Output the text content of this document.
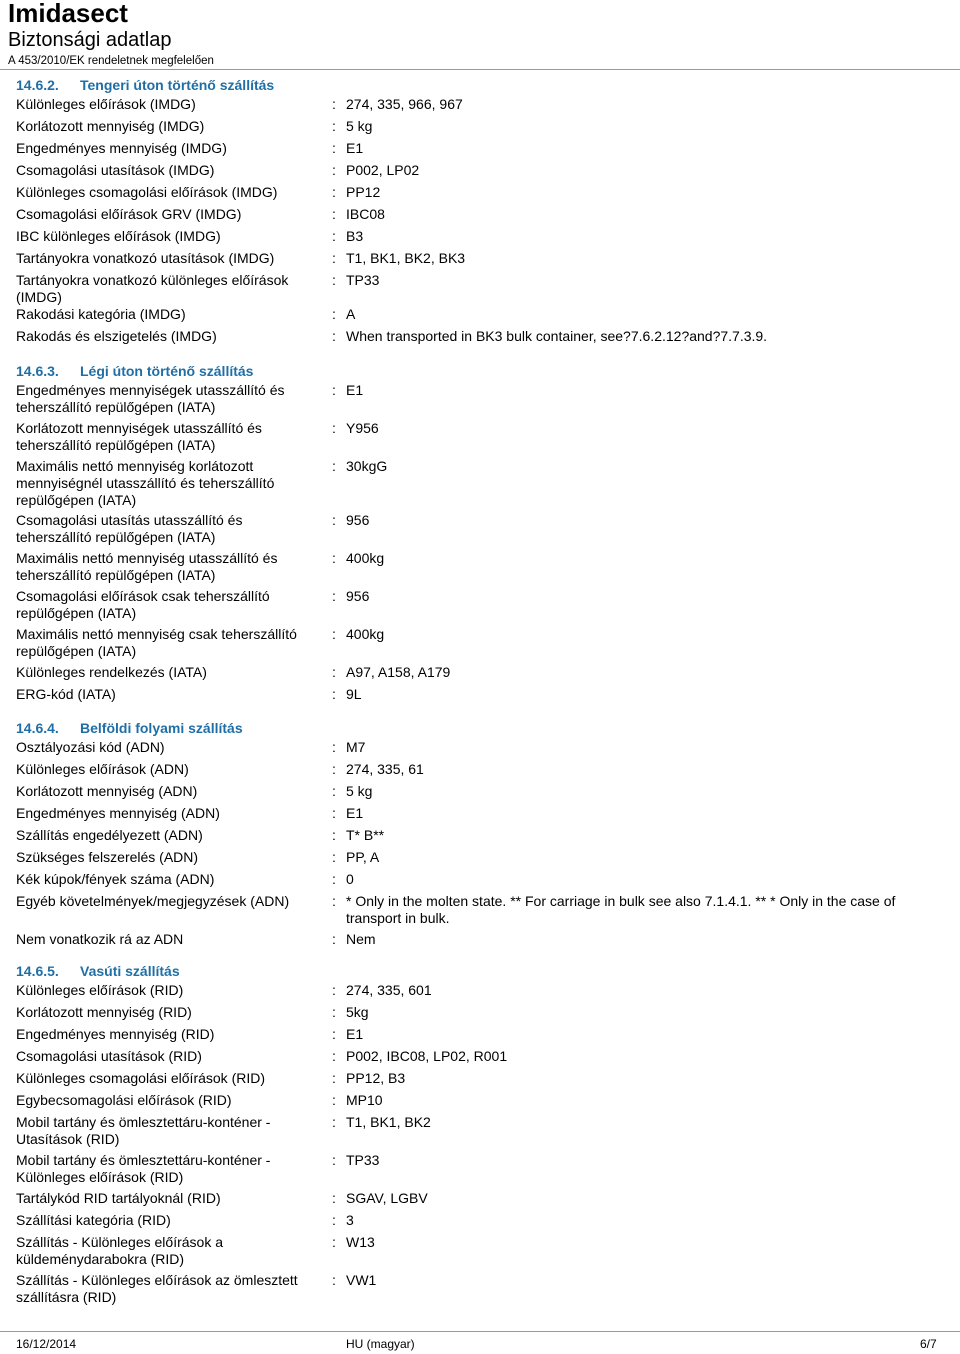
Imidasect
Biztonsági adatlap
A 453/2010/EK rendeletnek megfelelően
14.6.2. Tengeri úton történő szállítás
Különleges előírások (IMDG)	: 274, 335, 966, 967
Korlátozott mennyiség (IMDG)	: 5 kg
Engedményes mennyiség (IMDG)	: E1
Csomagolási utasítások (IMDG)	: P002, LP02
Különleges csomagolási előírások (IMDG)	: PP12
Csomagolási előírások GRV (IMDG)	: IBC08
IBC különleges előírások (IMDG)	: B3
Tartányokra vonatkozó utasítások (IMDG)	: T1, BK1, BK2, BK3
Tartányokra vonatkozó különleges előírások (IMDG)
: TP33
Rakodási kategória (IMDG)	: A
Rakodás és elszigetelés (IMDG)	: When transported in BK3 bulk container, see?7.6.2.12?and?7.7.3.9.
14.6.3. Légi úton történő szállítás
Engedményes mennyiségek utasszállító és teherszállító repülőgépen (IATA)
: E1
Korlátozott mennyiségek utasszállító és teherszállító repülőgépen (IATA)
: Y956
Maximális nettó mennyiség korlátozott mennyiségnél utasszállító és teherszállító repülőgépen (IATA)
: 30kgG
Csomagolási utasítás utasszállító és teherszállító repülőgépen (IATA)
: 956
Maximális nettó mennyiség utasszállító és teherszállító repülőgépen (IATA)
: 400kg
Csomagolási előírások csak teherszállító repülőgépen (IATA)
: 956
Maximális nettó mennyiség csak teherszállító repülőgépen (IATA)
: 400kg
Különleges rendelkezés (IATA)	: A97, A158, A179
ERG-kód (IATA)	: 9L
14.6.4. Belföldi folyami szállítás
Osztályozási kód (ADN)	: M7
Különleges előírások (ADN)	: 274, 335, 61
Korlátozott mennyiség (ADN)	: 5 kg
Engedményes mennyiség (ADN)	: E1
Szállítás engedélyezett (ADN)	: T* B**
Szükséges felszerelés (ADN)	: PP, A
Kék kúpok/fények száma (ADN)	: 0
Egyéb követelmények/megjegyzések (ADN)	: * Only in the molten state. ** For carriage in bulk see also 7.1.4.1. ** * Only in the case of transport in bulk.
Nem vonatkozik rá az ADN	: Nem
14.6.5. Vasúti szállítás
Különleges előírások (RID)	: 274, 335, 601
Korlátozott mennyiség (RID)	: 5kg
Engedményes mennyiség (RID)	: E1
Csomagolási utasítások (RID)	: P002, IBC08, LP02, R001
Különleges csomagolási előírások (RID)	: PP12, B3
Egybecsomagolási előírások (RID)	: MP10
Mobil tartány és ömlesztettáru-konténer - Utasítások (RID)
: T1, BK1, BK2
Mobil tartány és ömlesztettáru-konténer - Különleges előírások (RID)
: TP33
Tartálykód RID tartályoknál (RID)	: SGAV, LGBV
Szállítási kategória (RID)	: 3
Szállítás - Különleges előírások a küldeménydarabokra (RID)
: W13
Szállítás - Különleges előírások az ömlesztett szállításra (RID)
: VW1
16/12/2014	HU (magyar)	6/7
